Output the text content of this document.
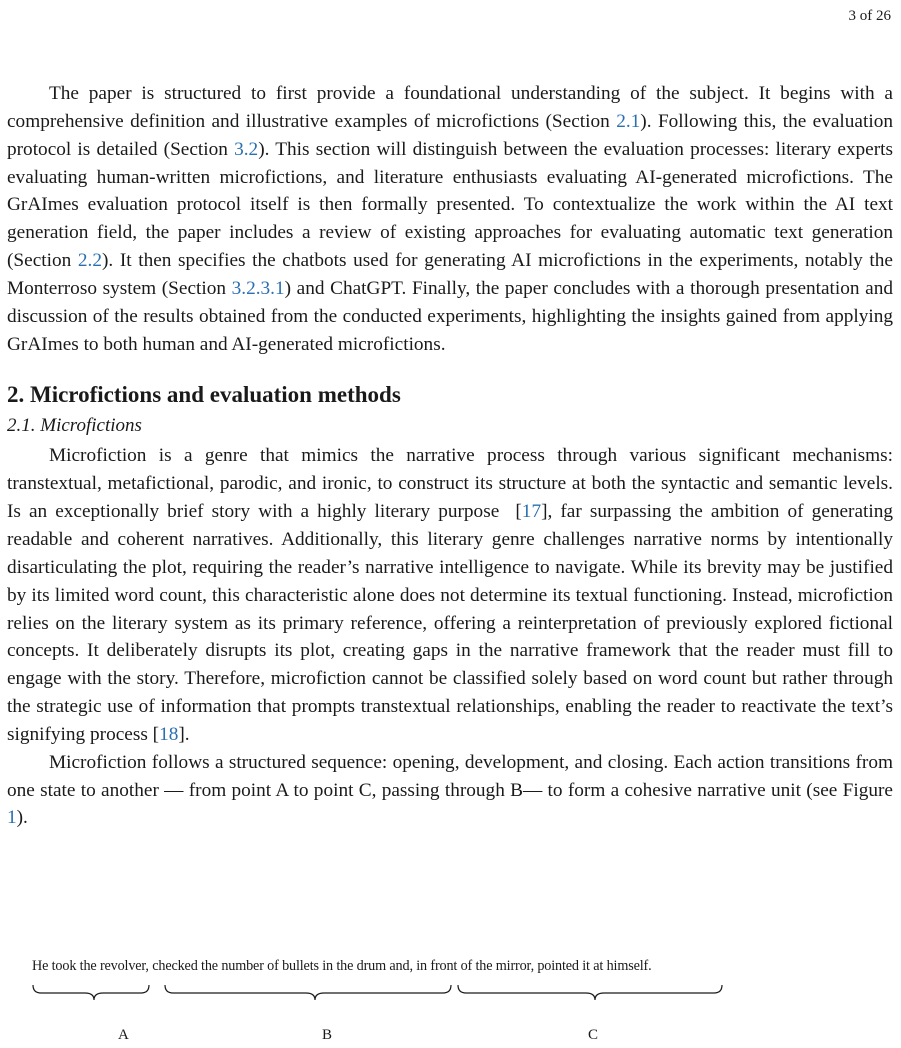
3 of 26

The paper is structured to first provide a foundational understanding of the subject. It begins with a comprehensive definition and illustrative examples of microfictions (Section 2.1). Following this, the evaluation protocol is detailed (Section 3.2). This section will distinguish between the evaluation processes: literary experts evaluating human-written microfictions, and literature enthusiasts evaluating AI-generated microfictions. The GrAImes evaluation protocol itself is then formally presented. To contextualize the work within the AI text generation field, the paper includes a review of existing approaches for evaluating automatic text generation (Section 2.2). It then specifies the chatbots used for generating AI microfictions in the experiments, notably the Monterroso system (Section 3.2.3.1) and ChatGPT. Finally, the paper concludes with a thorough presentation and discussion of the results obtained from the conducted experiments, highlighting the insights gained from applying GrAImes to both human and AI-generated microfictions.

2. Microfictions and evaluation methods
2.1. Microfictions

Microfiction is a genre that mimics the narrative process through various significant mechanisms: transtextual, metafictional, parodic, and ironic, to construct its structure at both the syntactic and semantic levels. Is an exceptionally brief story with a highly literary purpose  [17], far surpassing the ambition of generating readable and coherent narratives. Additionally, this literary genre challenges narrative norms by intentionally disarticulating the plot, requiring the reader’s narrative intelligence to navigate. While its brevity may be justified by its limited word count, this characteristic alone does not determine its textual functioning. Instead, microfiction relies on the literary system as its primary reference, offering a reinterpretation of previously explored fictional concepts. It deliberately disrupts its plot, creating gaps in the narrative framework that the reader must fill to engage with the story. Therefore, microfiction cannot be classified solely based on word count but rather through the strategic use of information that prompts transtextual relationships, enabling the reader to reactivate the text’s signifying process [18].

Microfiction follows a structured sequence: opening, development, and closing. Each action transitions from one state to another — from point A to point C, passing through B— to form a cohesive narrative unit (see Figure 1).

He took the revolver, checked the number of bullets in the drum and, in front of the mirror, pointed it at himself.
A	B	C
